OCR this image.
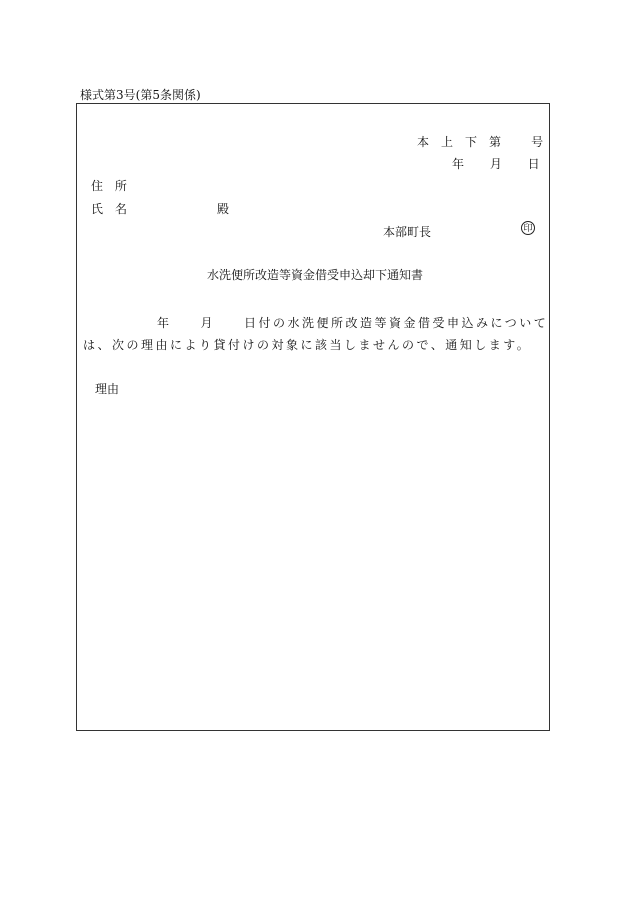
様式第3号(第5条関係)
本 上 下 第	号
年 月 日
住 所
氏 名	殿
本部町長	印
水洗便所改造等資金借受申込却下通知書
年　　月　　日付の水洗便所改造等資金借受申込みについて
は、次の理由により貸付けの対象に該当しませんので、通知します。
理由
